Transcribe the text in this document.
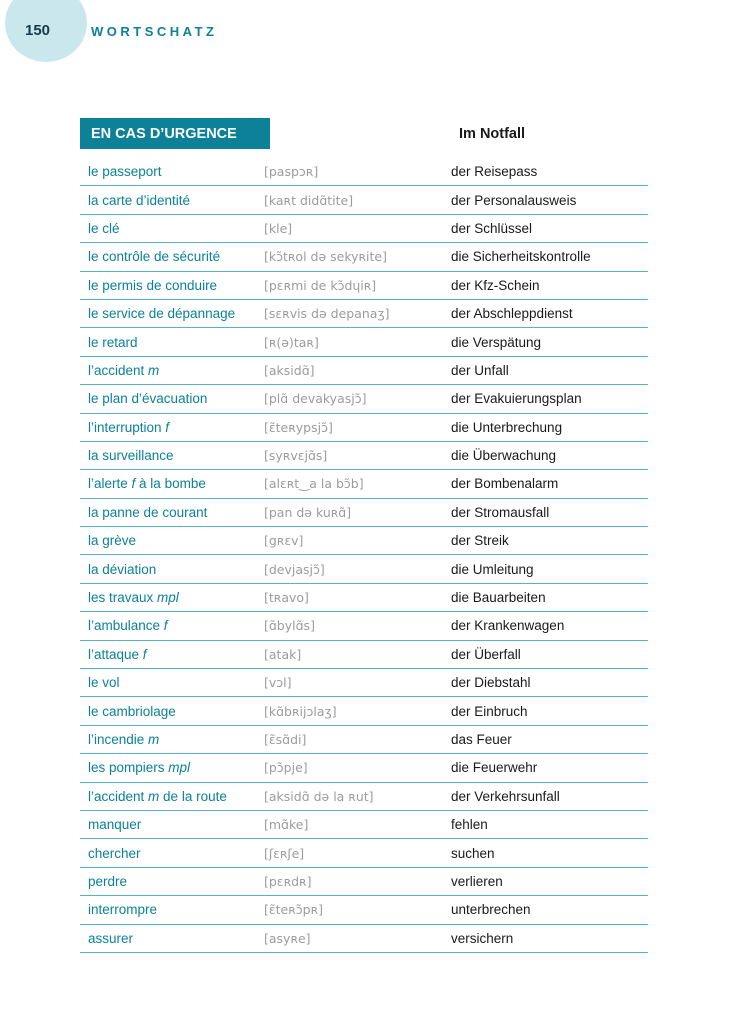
150	WORTSCHATZ
EN CAS D’URGENCE	Im Notfall
le passeport	[paspɔʀ]	der Reisepass
la carte d’identité	[kaʀt didɑ̃tite]	der Personalausweis
le clé	[kle]	der Schlüssel
le contrôle de sécurité	[kɔ̃tʀol də sekyʀite]	die Sicherheitskontrolle
le permis de conduire	[pɛʀmi de kɔ̃dɥiʀ]	der Kfz-Schein
le service de dépannage	[sɛʀvis də depanaʒ]	der Abschleppdienst
le retard	[ʀ(ə)taʀ]	die Verspätung
l’accident m	[aksidɑ̃]	der Unfall
le plan d’évacuation	[plɑ̃ devakyasjɔ̃]	der Evakuierungsplan
l’interruption f	[ɛ̃teʀypsjɔ̃]	die Unterbrechung
la surveillance	[syʀvɛjɑ̃s]	die Überwachung
l’alerte f à la bombe	[alɛʀt‿a la bɔ̃b]	der Bombenalarm
la panne de courant	[pan də kuʀɑ̃]	der Stromausfall
la grève	[gʀɛv]	der Streik
la déviation	[devjasjɔ̃]	die Umleitung
les travaux mpl	[tʀavo]	die Bauarbeiten
l’ambulance f	[ɑ̃bylɑ̃s]	der Krankenwagen
l’attaque f	[atak]	der Überfall
le vol	[vɔl]	der Diebstahl
le cambriolage	[kɑ̃bʀijɔlaʒ]	der Einbruch
l’incendie m	[ɛ̃sɑ̃di]	das Feuer
les pompiers mpl	[pɔ̃pje]	die Feuerwehr
l’accident m de la route	[aksidɑ̃ də la ʀut]	der Verkehrsunfall
manquer	[mɑ̃ke]	fehlen
chercher	[ʃɛʀʃe]	suchen
perdre	[pɛʀdʀ]	verlieren
interrompre	[ɛ̃teʀɔ̃pʀ]	unterbrechen
assurer	[asyʀe]	versichern
